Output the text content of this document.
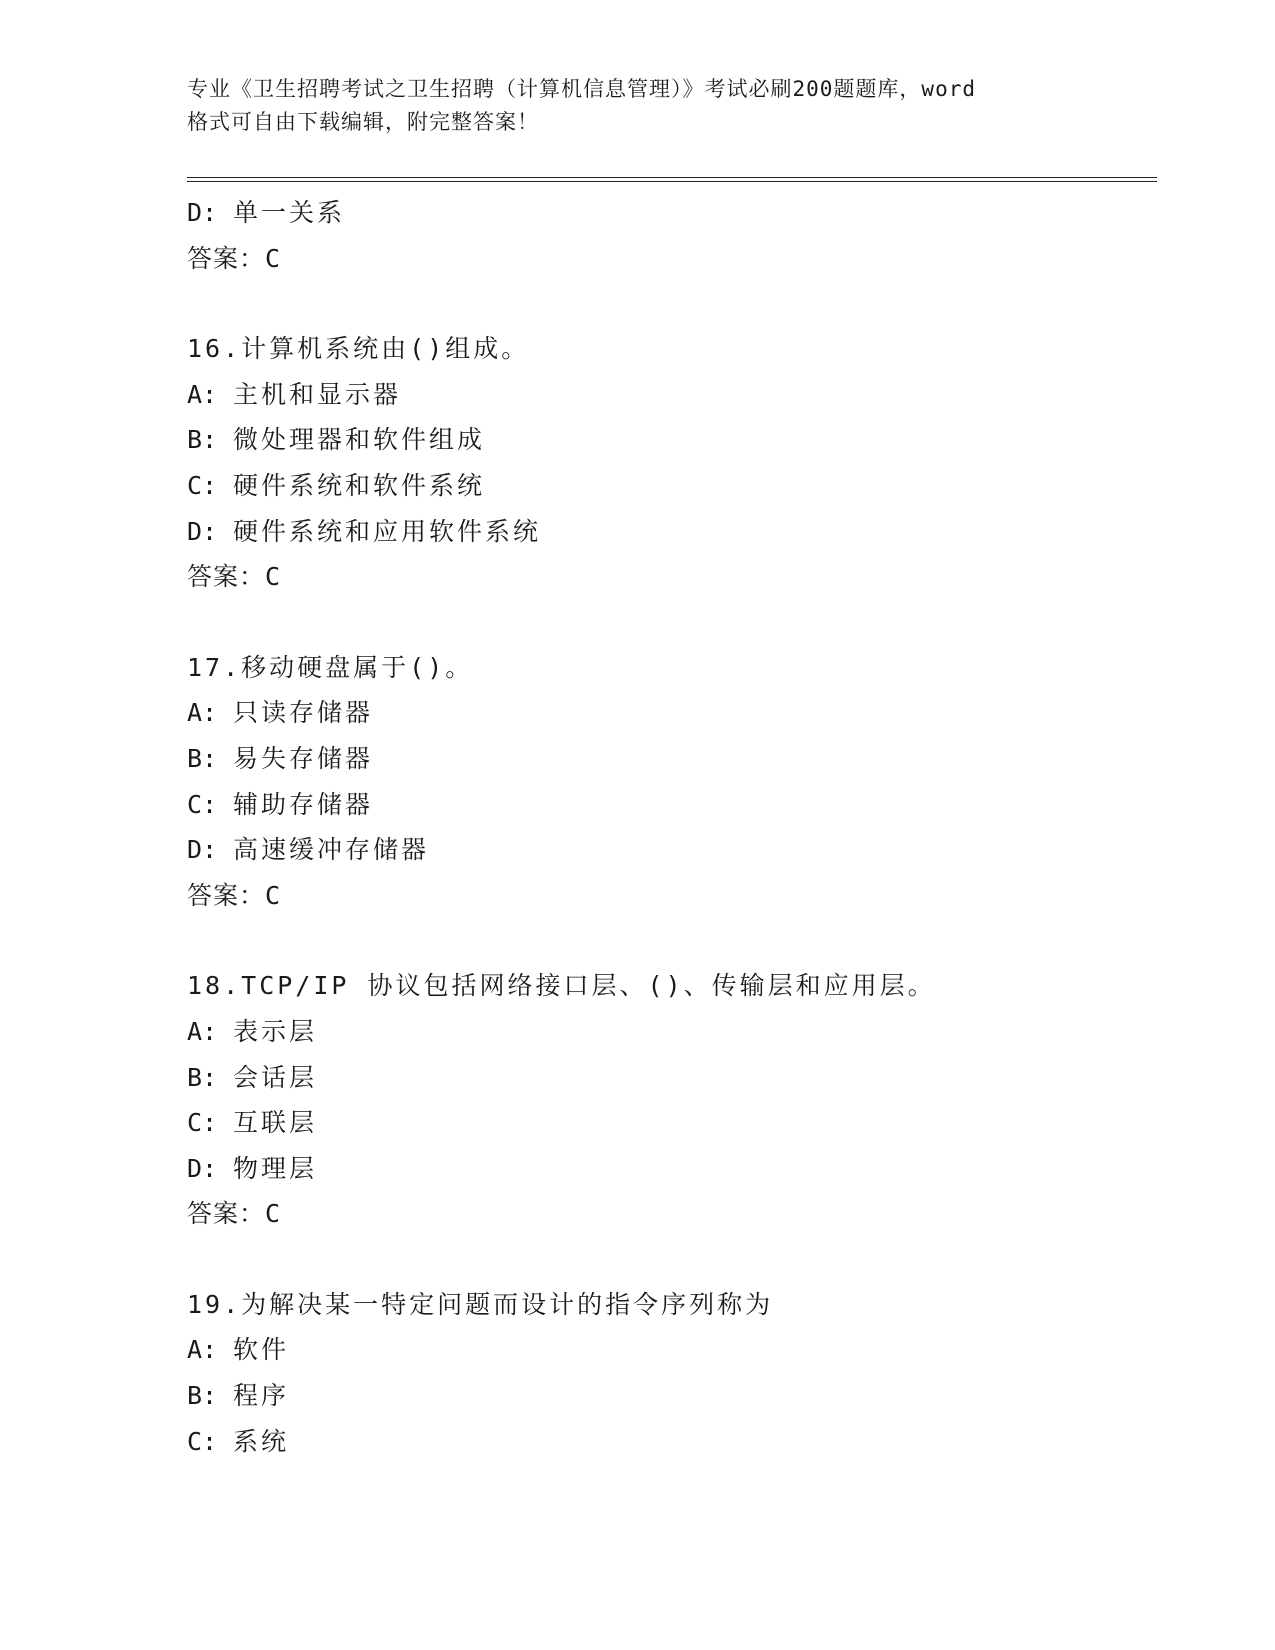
专业《卫生招聘考试之卫生招聘（计算机信息管理）》考试必刷200题题库，word
格式可自由下载编辑，附完整答案！
D: 单一关系
答案：C
16.计算机系统由()组成。
A: 主机和显示器
B: 微处理器和软件组成
C: 硬件系统和软件系统
D: 硬件系统和应用软件系统
答案：C
17.移动硬盘属于()。
A: 只读存储器
B: 易失存储器
C: 辅助存储器
D: 高速缓冲存储器
答案：C
18.TCP/IP 协议包括网络接口层、()、传输层和应用层。
A: 表示层
B: 会话层
C: 互联层
D: 物理层
答案：C
19.为解决某一特定问题而设计的指令序列称为
A: 软件
B: 程序
C: 系统
